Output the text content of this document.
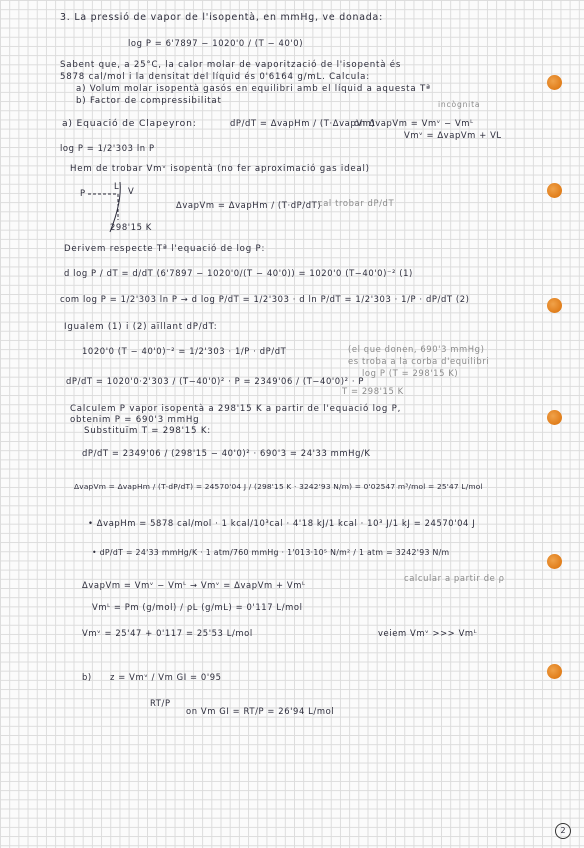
3. La pressió de vapor de l'isopentà, en mmHg, ve donada:
log P = 6'7897 − 1020'0 / (T − 40'0)
Sabent que, a 25°C, la calor molar de vaporització de l'isopentà és
5878 cal/mol i la densitat del líquid és 0'6164 g/mL. Calcula:
a) Volum molar isopentà gasós en equilibri amb el líquid a aquesta Tª
b) Factor de compressibilitat	incògnita
a) Equació de Clapeyron:	dP/dT = ΔvapHm / (T·ΔvapVm)
on ΔvapVm = Vmᵛ − Vmᴸ
Vmᵛ = ΔvapVm + VL
log P = 1/2'303 ln P
Hem de trobar Vmᵛ isopentà (no fer aproximació gas ideal)
P
L V
298'15 K
ΔvapVm = ΔvapHm / (T·dP/dT)
cal trobar dP/dT
Derivem respecte Tª l'equació de log P:
d log P / dT = d/dT (6'7897 − 1020'0/(T − 40'0)) = 1020'0 (T−40'0)⁻² (1)
com log P = 1/2'303 ln P → d log P/dT = 1/2'303 · d ln P/dT = 1/2'303 · 1/P · dP/dT (2)
Igualem (1) i (2) aïllant dP/dT:
1020'0 (T − 40'0)⁻² = 1/2'303 · 1/P · dP/dT	(el que donen, 690'3 mmHg)
es troba a la corba d'equilibri
log P (T = 298'15 K)
dP/dT = 1020'0·2'303 / (T−40'0)² · P = 2349'06 / (T−40'0)² · P
T = 298'15 K
Calculem P vapor isopentà a 298'15 K a partir de l'equació log P,
obtenim P = 690'3 mmHg
Substituïm T = 298'15 K:
dP/dT = 2349'06 / (298'15 − 40'0)² · 690'3 = 24'33 mmHg/K
ΔvapVm = ΔvapHm / (T·dP/dT) = 24570'04 J / (298'15 K · 3242'93 N/m) = 0'02547 m³/mol = 25'47 L/mol
• ΔvapHm = 5878 cal/mol · 1 kcal/10³cal · 4'18 kJ/1 kcal · 10³ J/1 kJ = 24570'04 J
• dP/dT = 24'33 mmHg/K · 1 atm/760 mmHg · 1'013·10⁵ N/m² / 1 atm = 3242'93 N/m
ΔvapVm = Vmᵛ − Vmᴸ → Vmᵛ = ΔvapVm + Vmᴸ
calcular a partir de ρ
Vmᴸ = Pm (g/mol) / ρL (g/mL) = 0'117 L/mol
Vmᵛ = 25'47 + 0'117 = 25'53 L/mol	veiem Vmᵛ >>> Vmᴸ
b) z = Vmᵛ / Vm GI = 0'95
RT/P
on Vm GI = RT/P = 26'94 L/mol
2
